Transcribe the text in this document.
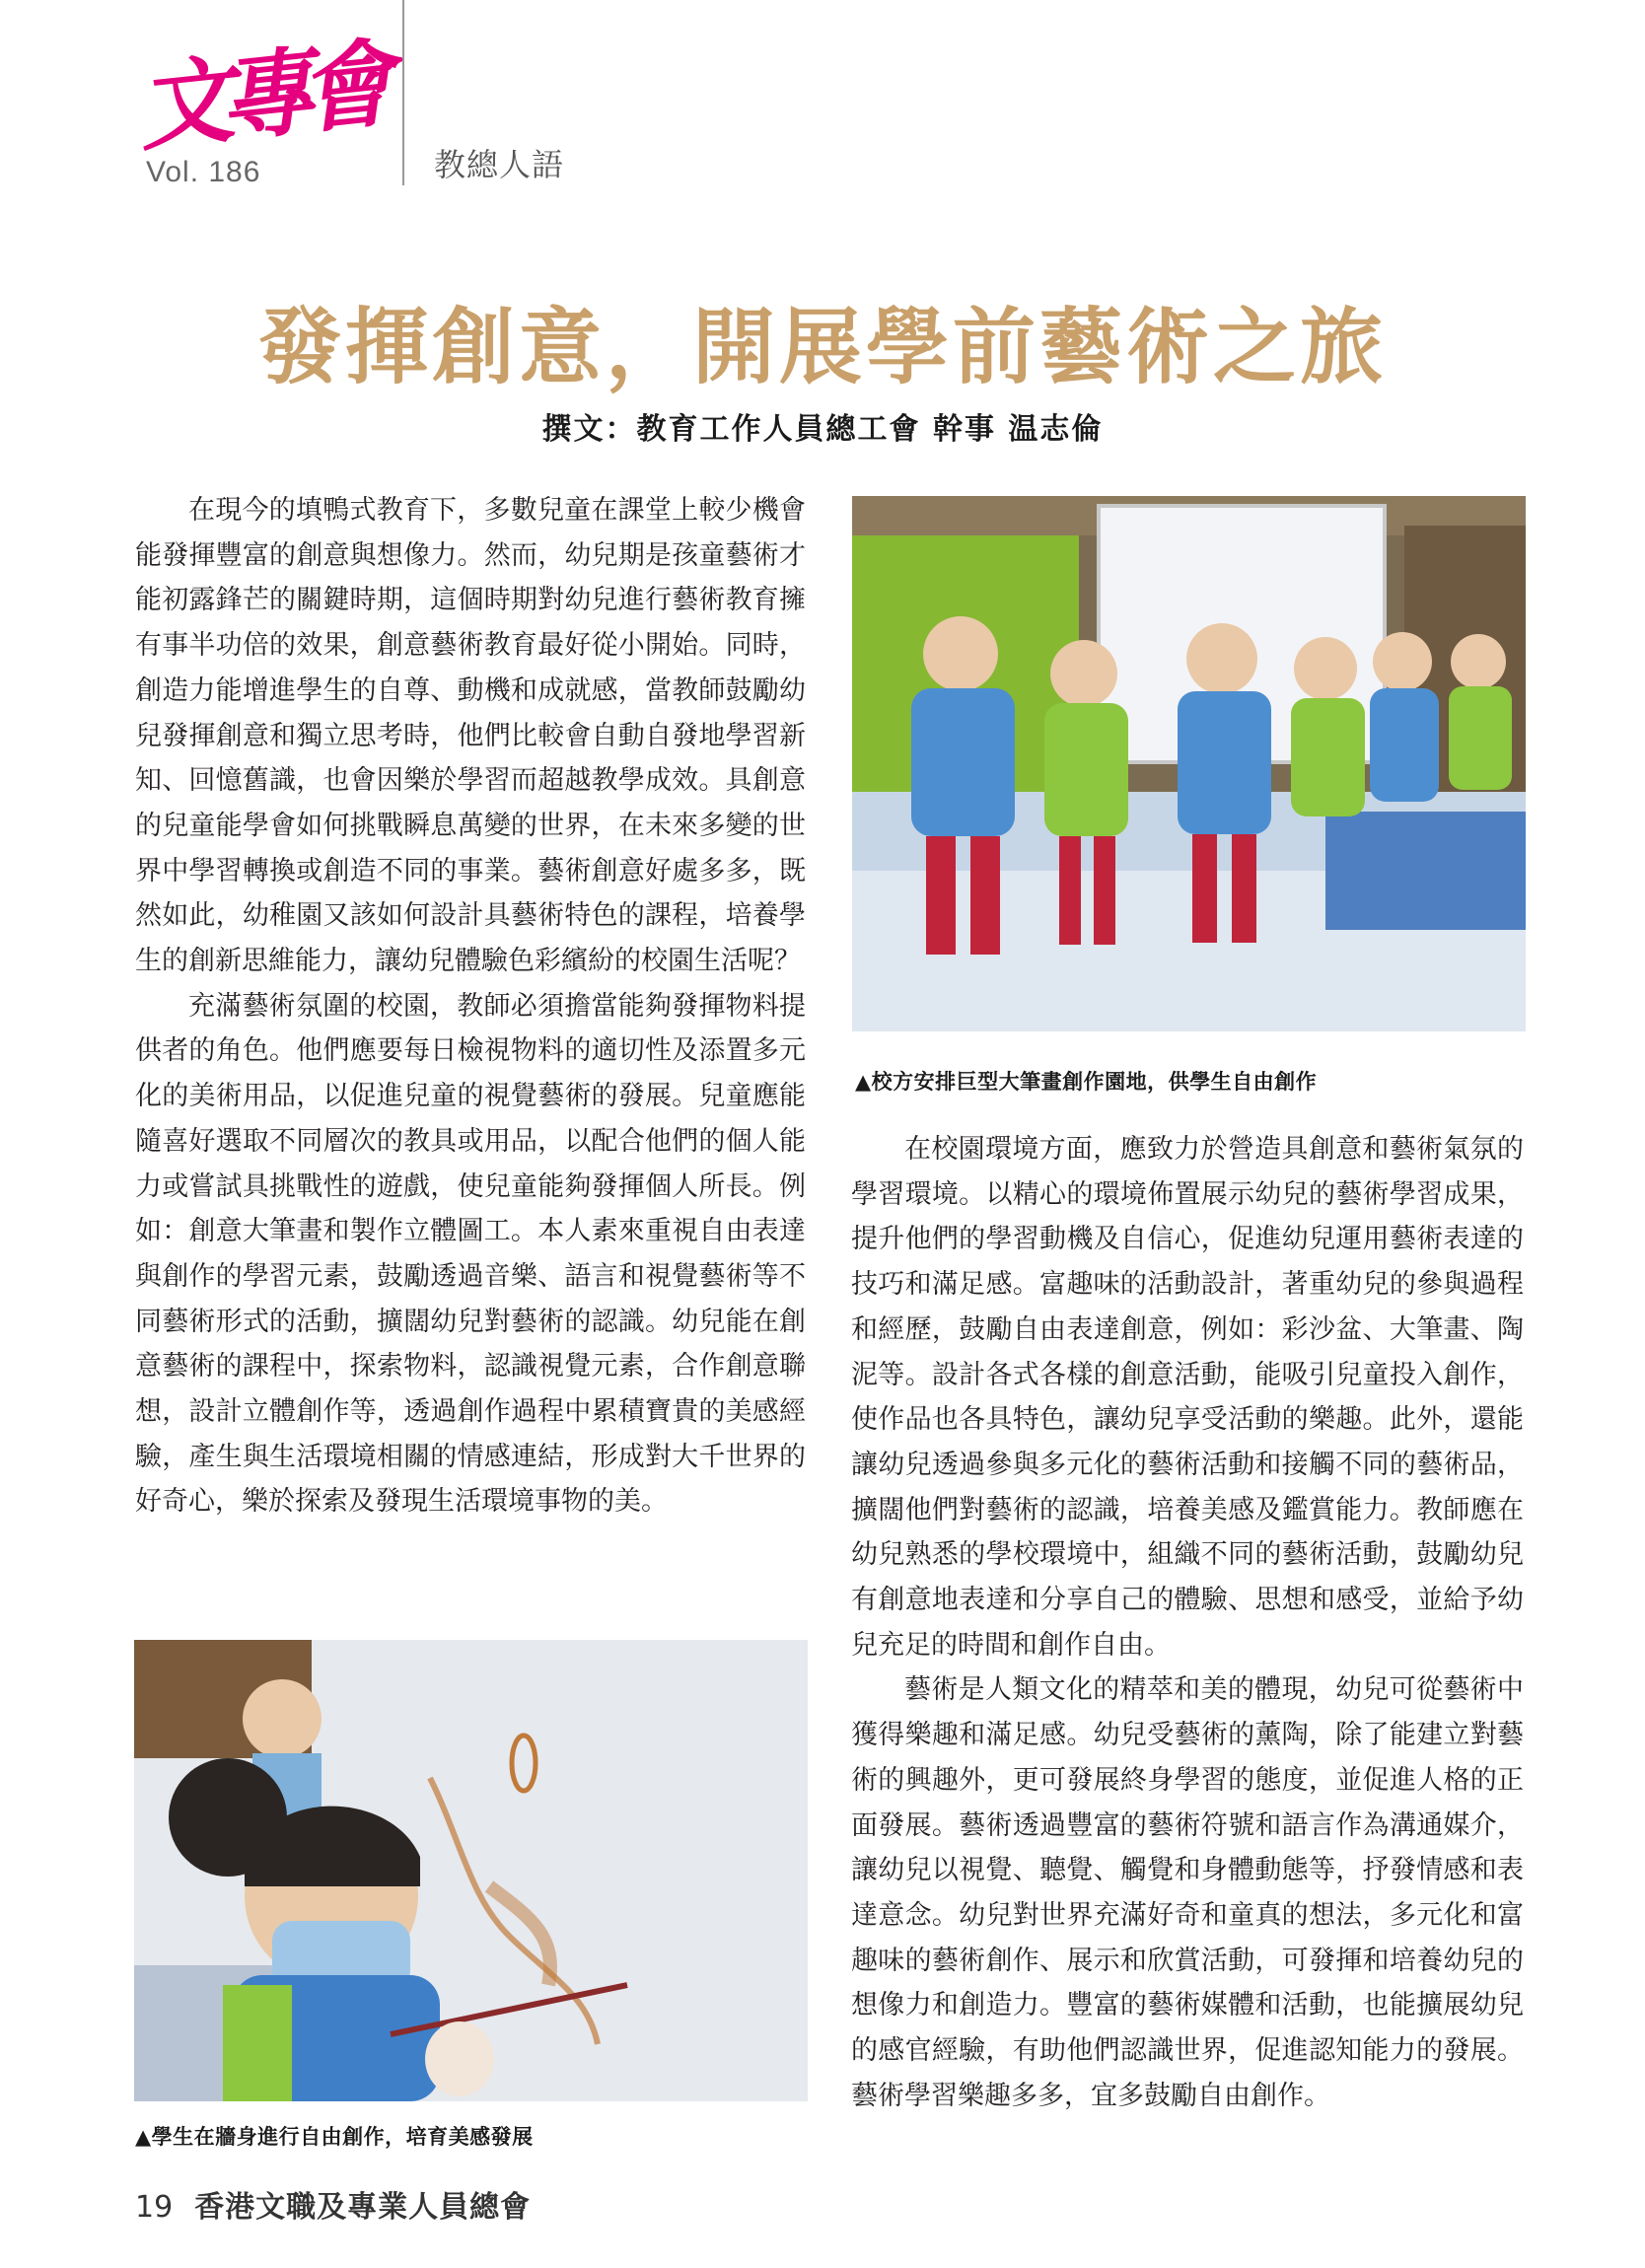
文專會
Vol. 186	教總人語
發揮創意，開展學前藝術之旅
撰文：教育工作人員總工會 幹事 温志倫

在現今的填鴨式教育下，多數兒童在課堂上較少機會能發揮豐富的創意與想像力。然而，幼兒期是孩童藝術才能初露鋒芒的關鍵時期，這個時期對幼兒進行藝術教育擁有事半功倍的效果，創意藝術教育最好從小開始。同時，創造力能增進學生的自尊、動機和成就感，當教師鼓勵幼兒發揮創意和獨立思考時，他們比較會自動自發地學習新知、回憶舊識，也會因樂於學習而超越教學成效。具創意的兒童能學會如何挑戰瞬息萬變的世界，在未來多變的世界中學習轉換或創造不同的事業。藝術創意好處多多，既然如此，幼稚園又該如何設計具藝術特色的課程，培養學生的創新思維能力，讓幼兒體驗色彩繽紛的校園生活呢？

充滿藝術氛圍的校園，教師必須擔當能夠發揮物料提供者的角色。他們應要每日檢視物料的適切性及添置多元化的美術用品，以促進兒童的視覺藝術的發展。兒童應能隨喜好選取不同層次的教具或用品，以配合他們的個人能力或嘗試具挑戰性的遊戲，使兒童能夠發揮個人所長。例如：創意大筆畫和製作立體圖工。本人素來重視自由表達與創作的學習元素，鼓勵透過音樂、語言和視覺藝術等不同藝術形式的活動，擴闊幼兒對藝術的認識。幼兒能在創意藝術的課程中，探索物料，認識視覺元素，合作創意聯想，設計立體創作等，透過創作過程中累積寶貴的美感經驗，產生與生活環境相關的情感連結，形成對大千世界的好奇心，樂於探索及發現生活環境事物的美。

▲校方安排巨型大筆畫創作園地，供學生自由創作

在校園環境方面，應致力於營造具創意和藝術氣氛的學習環境。以精心的環境佈置展示幼兒的藝術學習成果，提升他們的學習動機及自信心，促進幼兒運用藝術表達的技巧和滿足感。富趣味的活動設計，著重幼兒的參與過程和經歷，鼓勵自由表達創意，例如：彩沙盆、大筆畫、陶泥等。設計各式各樣的創意活動，能吸引兒童投入創作，使作品也各具特色，讓幼兒享受活動的樂趣。此外，還能讓幼兒透過參與多元化的藝術活動和接觸不同的藝術品，擴闊他們對藝術的認識，培養美感及鑑賞能力。教師應在幼兒熟悉的學校環境中，組織不同的藝術活動，鼓勵幼兒有創意地表達和分享自己的體驗、思想和感受，並給予幼兒充足的時間和創作自由。

藝術是人類文化的精萃和美的體現，幼兒可從藝術中獲得樂趣和滿足感。幼兒受藝術的薰陶，除了能建立對藝術的興趣外，更可發展終身學習的態度，並促進人格的正面發展。藝術透過豐富的藝術符號和語言作為溝通媒介，讓幼兒以視覺、聽覺、觸覺和身體動態等，抒發情感和表達意念。幼兒對世界充滿好奇和童真的想法，多元化和富趣味的藝術創作、展示和欣賞活動，可發揮和培養幼兒的想像力和創造力。豐富的藝術媒體和活動，也能擴展幼兒的感官經驗，有助他們認識世界，促進認知能力的發展。藝術學習樂趣多多，宜多鼓勵自由創作。

▲學生在牆身進行自由創作，培育美感發展
19 香港文職及專業人員總會
